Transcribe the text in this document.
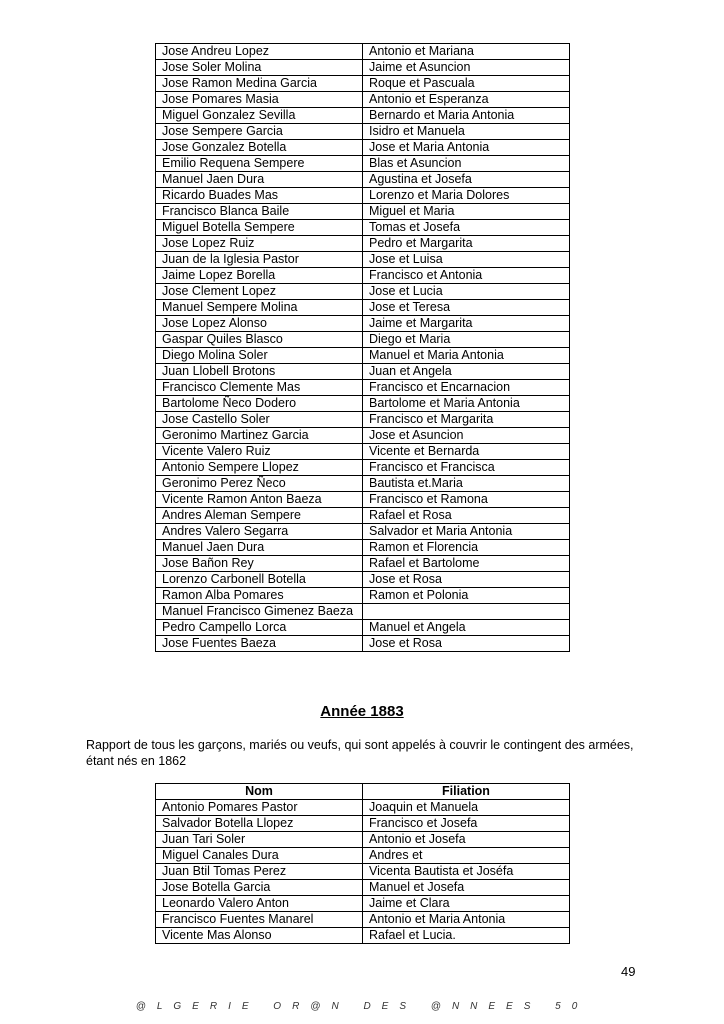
Jose Andreu Lopez	Antonio et Mariana
Jose Soler Molina	Jaime et Asuncion
Jose Ramon Medina Garcia	Roque et Pascuala
Jose Pomares Masia	Antonio et Esperanza
Miguel Gonzalez Sevilla	Bernardo et Maria Antonia
Jose Sempere Garcia	Isidro et Manuela
Jose Gonzalez Botella	Jose et Maria Antonia
Emilio Requena Sempere	Blas et Asuncion
Manuel Jaen Dura	Agustina et Josefa
Ricardo Buades Mas	Lorenzo et Maria Dolores
Francisco Blanca Baile	Miguel et Maria
Miguel Botella Sempere	Tomas et Josefa
Jose Lopez Ruiz	Pedro et Margarita
Juan de la Iglesia Pastor	Jose et Luisa
Jaime Lopez Borella	Francisco et Antonia
Jose Clement Lopez	Jose et Lucia
Manuel Sempere Molina	Jose et Teresa
Jose Lopez Alonso	Jaime et Margarita
Gaspar Quiles Blasco	Diego et Maria
Diego Molina Soler	Manuel et Maria Antonia
Juan Llobell Brotons	Juan et Angela
Francisco Clemente Mas	Francisco et Encarnacion
Bartolome Ñeco Dodero	Bartolome et Maria Antonia
Jose Castello Soler	Francisco et Margarita
Geronimo Martinez Garcia	Jose et Asuncion
Vicente Valero Ruiz	Vicente et Bernarda
Antonio Sempere Llopez	Francisco et Francisca
Geronimo Perez Ñeco	Bautista et.Maria
Vicente Ramon Anton Baeza	Francisco et Ramona
Andres Aleman Sempere	Rafael et Rosa
Andres Valero Segarra	Salvador et Maria Antonia
Manuel Jaen Dura	Ramon et Florencia
Jose Bañon Rey	Rafael et Bartolome
Lorenzo Carbonell Botella	Jose et Rosa
Ramon Alba Pomares	Ramon et Polonia
Manuel Francisco Gimenez Baeza	
Pedro Campello Lorca	Manuel et Angela
Jose Fuentes Baeza	Jose et Rosa
Année 1883
Rapport de tous les garçons, mariés ou veufs, qui sont appelés à couvrir le contingent des armées, étant nés en 1862
Nom	Filiation
Antonio Pomares Pastor	Joaquin et Manuela
Salvador Botella Llopez	Francisco et Josefa
Juan Tari Soler	Antonio et Josefa
Miguel Canales Dura	Andres et
Juan Btil Tomas Perez	Vicenta Bautista et Joséfa
Jose Botella Garcia	Manuel et Josefa
Leonardo Valero Anton	Jaime et Clara
Francisco Fuentes Manarel	Antonio et Maria Antonia
Vicente Mas Alonso	Rafael et Lucia.
49
@LGERIE OR@N DES @NNEES 50
